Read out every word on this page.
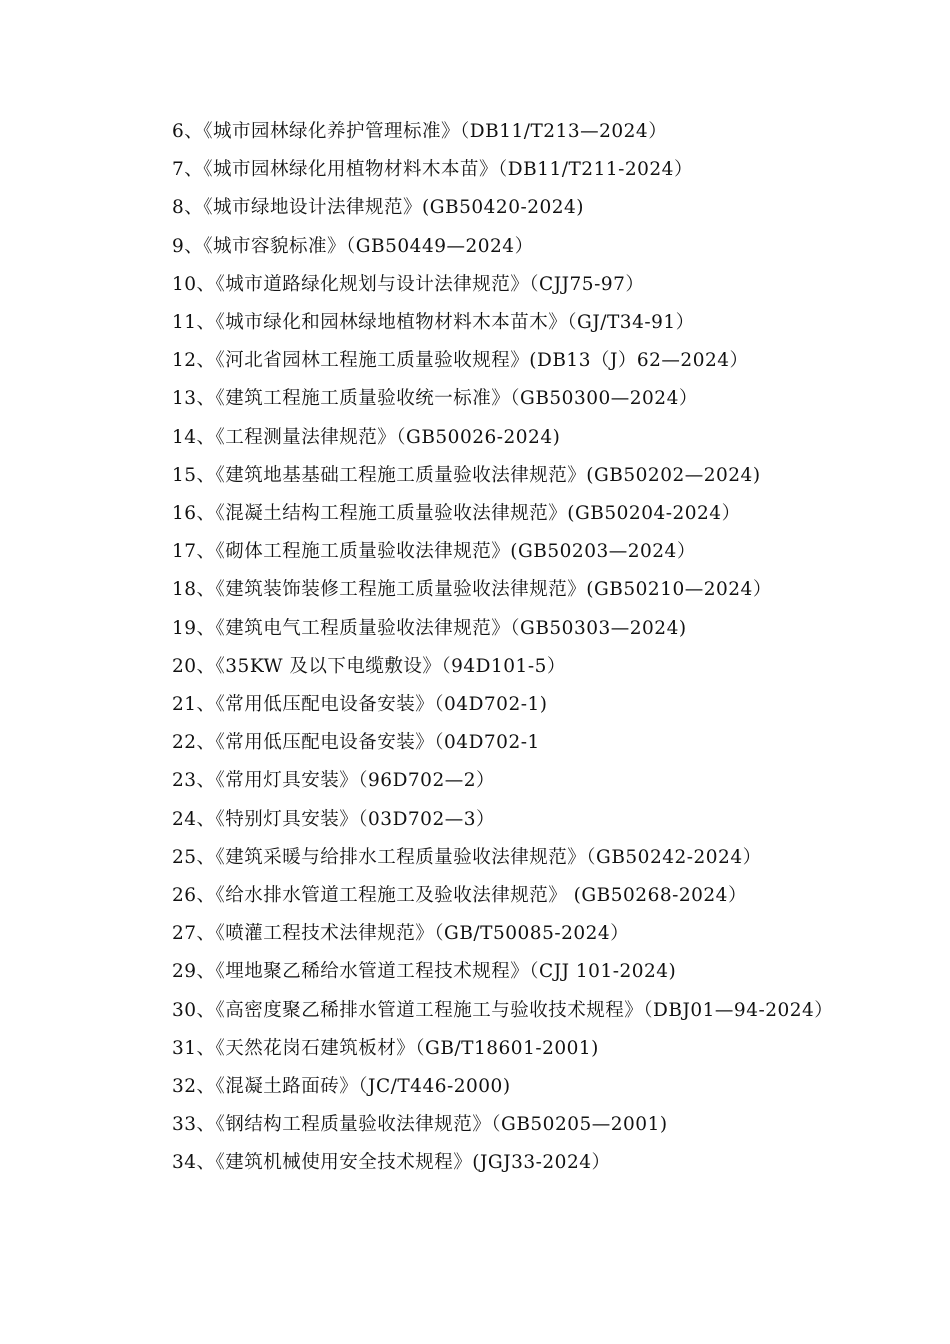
6、《城市园林绿化养护管理标准》（DB11/T213—2024）
7、《城市园林绿化用植物材料木本苗》（DB11/T211-2024）
8、《城市绿地设计法律规范》(GB50420-2024)
9、《城市容貌标准》（GB50449—2024）
10、《城市道路绿化规划与设计法律规范》（CJJ75-97）
11、《城市绿化和园林绿地植物材料木本苗木》（GJ/T34-91）
12、《河北省园林工程施工质量验收规程》(DB13（J）62—2024）
13、《建筑工程施工质量验收统一标准》（GB50300—2024）
14、《工程测量法律规范》（GB50026-2024)
15、《建筑地基基础工程施工质量验收法律规范》(GB50202—2024)
16、《混凝土结构工程施工质量验收法律规范》(GB50204-2024）
17、《砌体工程施工质量验收法律规范》(GB50203—2024）
18、《建筑装饰装修工程施工质量验收法律规范》(GB50210—2024）
19、《建筑电气工程质量验收法律规范》（GB50303—2024)
20、《35KW 及以下电缆敷设》（94D101-5）
21、《常用低压配电设备安装》（04D702-1)
22、《常用低压配电设备安装》（04D702-1
23、《常用灯具安装》（96D702—2）
24、《特别灯具安装》（03D702—3）
25、《建筑采暖与给排水工程质量验收法律规范》（GB50242-2024）
26、《给水排水管道工程施工及验收法律规范》 (GB50268-2024）
27、《喷灌工程技术法律规范》（GB/T50085-2024）
29、《埋地聚乙稀给水管道工程技术规程》（CJJ 101-2024)
30、《高密度聚乙稀排水管道工程施工与验收技术规程》（DBJ01—94-2024）
31、《天然花岗石建筑板材》（GB/T18601-2001)
32、《混凝土路面砖》（JC/T446-2000)
33、《钢结构工程质量验收法律规范》（GB50205—2001)
34、《建筑机械使用安全技术规程》(JGJ33-2024）
